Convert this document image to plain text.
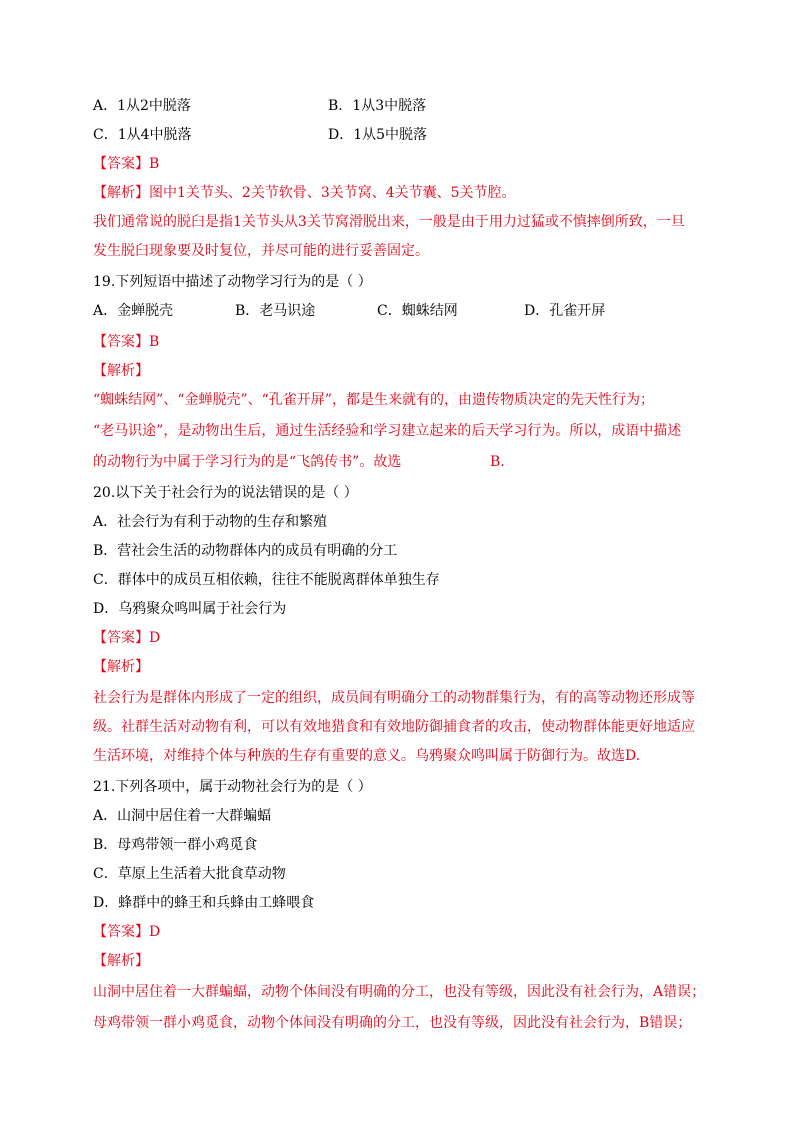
A．1从2中脱落	B．1从3中脱落
C．1从4中脱落	D．1从5中脱落
【答案】B
【解析】图中1关节头、2关节软骨、3关节窝、4关节囊、5关节腔。
我们通常说的脱臼是指1关节头从3关节窝滑脱出来，一般是由于用力过猛或不慎摔倒所致，一旦
发生脱臼现象要及时复位，并尽可能的进行妥善固定。
19.下列短语中描述了动物学习行为的是（ ）
A．金蝉脱壳	B．老马识途	C．蜘蛛结网	D．孔雀开屏
【答案】B
【解析】
“蜘蛛结网”、“金蝉脱壳”、“孔雀开屏”，都是生来就有的，由遗传物质决定的先天性行为；
“老马识途”，是动物出生后，通过生活经验和学习建立起来的后天学习行为。所以，成语中描述
的动物行为中属于学习行为的是“飞鸽传书”。故选	B.
20.以下关于社会行为的说法错误的是（ ）
A．社会行为有利于动物的生存和繁殖
B．营社会生活的动物群体内的成员有明确的分工
C．群体中的成员互相依赖，往往不能脱离群体单独生存
D．乌鸦聚众鸣叫属于社会行为
【答案】D
【解析】
社会行为是群体内形成了一定的组织，成员间有明确分工的动物群集行为，有的高等动物还形成等
级。社群生活对动物有利，可以有效地猎食和有效地防御捕食者的攻击，使动物群体能更好地适应
生活环境，对维持个体与种族的生存有重要的意义。乌鸦聚众鸣叫属于防御行为。故选D.
21.下列各项中，属于动物社会行为的是（ ）
A．山洞中居住着一大群蝙蝠
B．母鸡带领一群小鸡觅食
C．草原上生活着大批食草动物
D．蜂群中的蜂王和兵蜂由工蜂喂食
【答案】D
【解析】
山洞中居住着一大群蝙蝠，动物个体间没有明确的分工，也没有等级，因此没有社会行为，A错误；
母鸡带领一群小鸡觅食，动物个体间没有明确的分工，也没有等级，因此没有社会行为，B错误；
